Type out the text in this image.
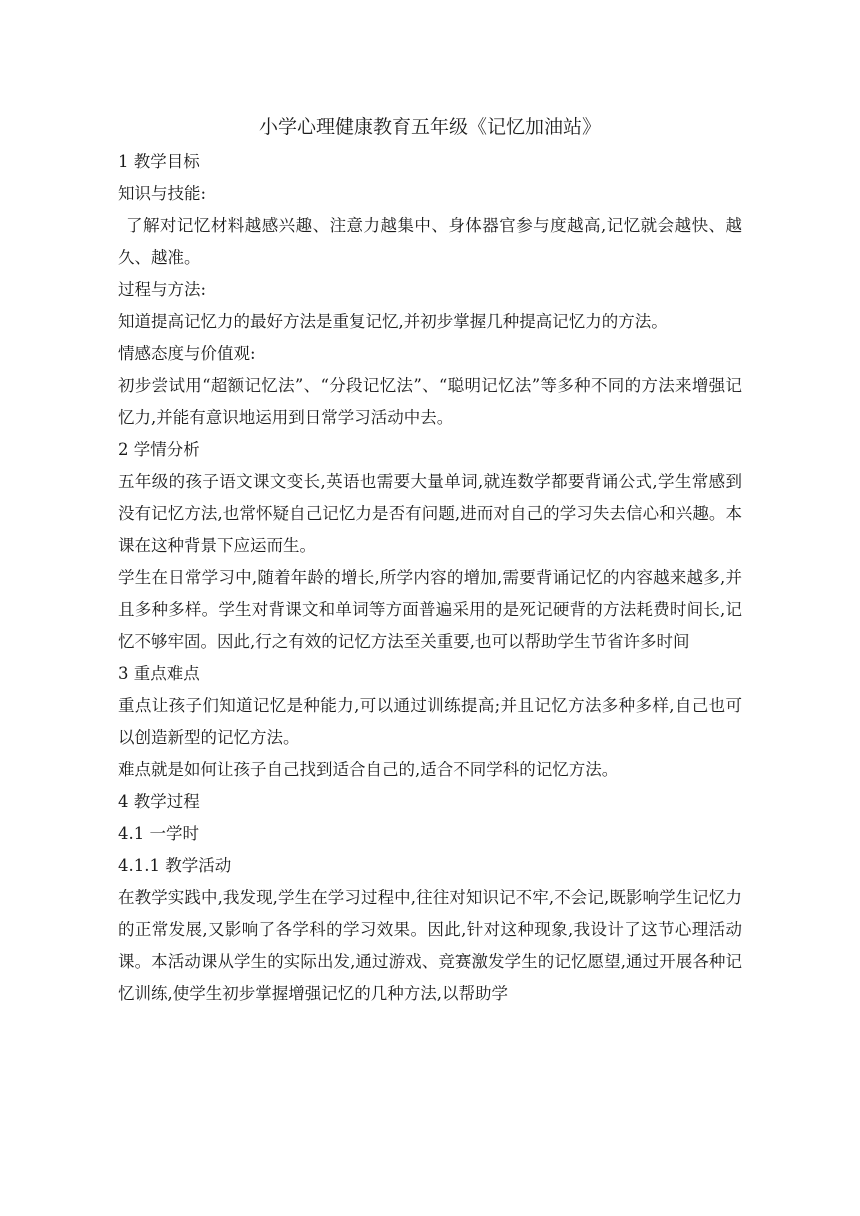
小学心理健康教育五年级《记忆加油站》

1 教学目标

知识与技能:

了解对记忆材料越感兴趣、注意力越集中、身体器官参与度越高,记忆就会越快、越久、越准。

过程与方法:

知道提高记忆力的最好方法是重复记忆,并初步掌握几种提高记忆力的方法。

情感态度与价值观:

初步尝试用“超额记忆法”、“分段记忆法”、“聪明记忆法”等多种不同的方法来增强记忆力,并能有意识地运用到日常学习活动中去。

2 学情分析

五年级的孩子语文课文变长,英语也需要大量单词,就连数学都要背诵公式,学生常感到没有记忆方法,也常怀疑自己记忆力是否有问题,进而对自己的学习失去信心和兴趣。本课在这种背景下应运而生。

学生在日常学习中,随着年龄的增长,所学内容的增加,需要背诵记忆的内容越来越多,并且多种多样。学生对背课文和单词等方面普遍采用的是死记硬背的方法耗费时间长,记忆不够牢固。因此,行之有效的记忆方法至关重要,也可以帮助学生节省许多时间

3 重点难点

重点让孩子们知道记忆是种能力,可以通过训练提高;并且记忆方法多种多样,自己也可以创造新型的记忆方法。

难点就是如何让孩子自己找到适合自己的,适合不同学科的记忆方法。

4 教学过程

4.1 一学时

4.1.1 教学活动

在教学实践中,我发现,学生在学习过程中,往往对知识记不牢,不会记,既影响学生记忆力的正常发展,又影响了各学科的学习效果。因此,针对这种现象,我设计了这节心理活动课。本活动课从学生的实际出发,通过游戏、竞赛激发学生的记忆愿望,通过开展各种记忆训练,使学生初步掌握增强记忆的几种方法,以帮助学
